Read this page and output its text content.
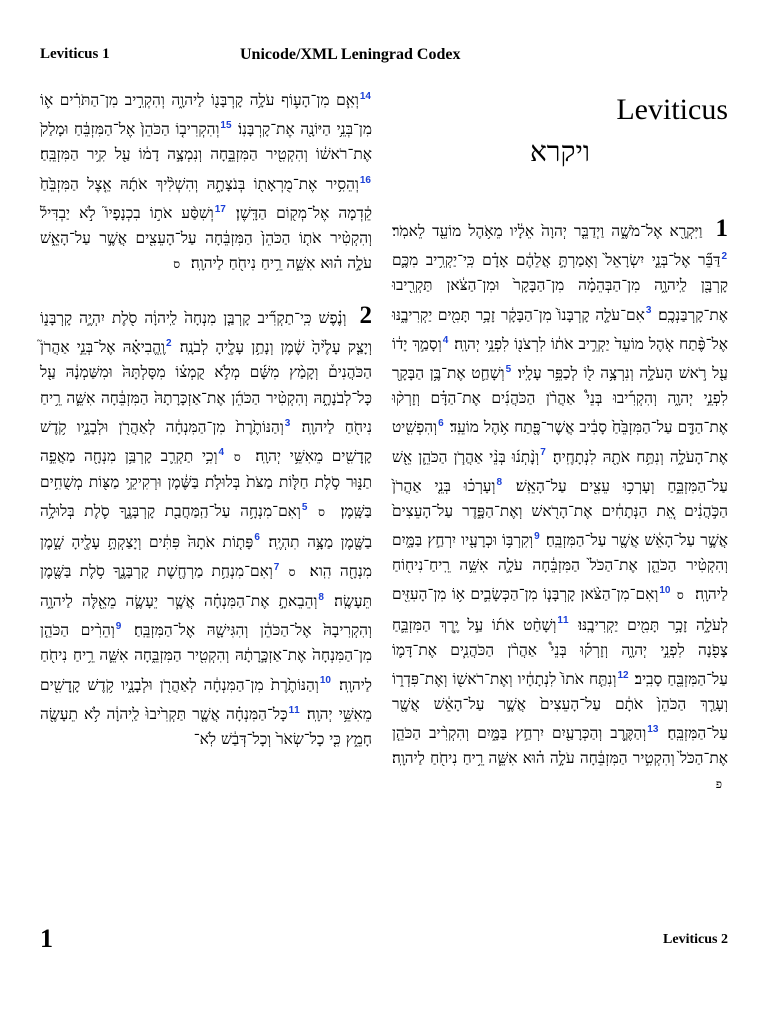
Leviticus 1	Unicode/XML Leningrad Codex

$^{14}$וְאִ֧ם מִן־הָע֛וֹף עֹלָ֥ה קָרְבָּנ֖וֹ לַיהוָ֑ה וְהִקְרִ֣יב מִן־הַתֹּרִ֗ים א֛וֹ מִן־בְּנֵ֥י הַיּוֹנָ֖ה אֶת־קָרְבָּנֽוֹ׃ $^{15}$וְהִקְרִיב֤וֹ הַכֹּהֵן֙ אֶל־הַמִּזְבֵּ֔חַ וּמָלַק֙ אֶת־רֹאשׁ֔וֹ וְהִקְטִ֖יר הַמִּזְבֵּ֑חָה וְנִמְצָ֣ה דָמ֔וֹ עַ֖ל קִ֥יר הַמִּזְבֵּֽחַ׃ $^{16}$וְהֵסִ֥יר אֶת־מֻרְאָת֖וֹ בְּנֹצָתָ֑הּ וְהִשְׁלִ֨יךְ אֹתָ֜הּ אֵ֤צֶל הַמִּזְבֵּ֙חַ֙ קֵ֔דְמָה אֶל־מְק֖וֹם הַדָּֽשֶׁן׃ $^{17}$וְשִׁסַּ֨ע אֹת֣וֹ בִכְנָפָיו֮ לֹ֣א יַבְדִּיל֒ וְהִקְטִ֨יר אֹת֤וֹ הַכֹּהֵן֙ הַמִּזְבֵּ֔חָה עַל־הָעֵצִ֖ים אֲשֶׁ֣ר עַל־הָאֵ֑שׁ עֹלָ֣ה ה֗וּא אִשֵּׁ֛ה רֵ֥יחַ נִיחֹ֖חַ לַיהוָֽה׃ ס

2 וְנֶ֗פֶשׁ כִּֽי־תַקְרִ֞יב קָרְבַּ֤ן מִנְחָה֙ לַֽיהוָ֔ה סֹ֖לֶת יִהְיֶ֣ה קָרְבָּנ֑וֹ וְיָצַ֤ק עָלֶ֙יהָ֙ שֶׁ֔מֶן וְנָתַ֥ן עָלֶ֖יהָ לְבֹנָֽה׃ $^2$וֶֽהֱבִיאָ֗הּ אֶל־בְּנֵ֣י אַהֲרֹן֮ הַכֹּהֲנִים֒ וְקָמַ֨ץ מִשָּׁ֜ם מְלֹ֣א קֻמְצ֗וֹ מִסָּלְתָּהּ֙ וּמִשַּׁמְנָ֔הּ עַ֖ל כָּל־לְבֹנָתָ֑הּ וְהִקְטִ֨יר הַכֹּהֵ֜ן אֶת־אַזְכָּרָתָהּ֙ הַמִּזְבֵּ֔חָה אִשֵּׁ֛ה רֵ֥יחַ נִיחֹ֖חַ לַיהוָֽה׃ $^3$וְהַנּוֹתֶ֙רֶת֙ מִן־הַמִּנְחָ֔ה לְאַהֲרֹ֖ן וּלְבָנָ֑יו קֹ֥דֶשׁ קָֽדָשִׁ֖ים מֵאִשֵּׁ֥י יְהוָֽה׃ ס $^4$וְכִ֥י תַקְרִ֛ב קָרְבַּ֥ן מִנְחָ֖ה מַאֲפֵ֣ה תַנּ֑וּר סֹ֣לֶת חַלּ֤וֹת מַצֹּת֙ בְּלוּלֹ֣ת בַּשֶּׁ֔מֶן וּרְקִיקֵ֥י מַצּ֖וֹת מְשֻׁחִ֥ים בַּשָּֽׁמֶן׃ ס $^5$וְאִם־מִנְחָ֥ה עַל־הַֽמַּחֲבַ֖ת קָרְבָּנֶ֑ךָ סֹ֛לֶת בְּלוּלָ֥ה בַשֶּׁ֖מֶן מַצָּ֥ה תִהְיֶֽה׃ $^6$פָּת֤וֹת אֹתָהּ֙ פִּתִּ֔ים וְיָצַקְתָּ֥ עָלֶ֖יהָ שָׁ֑מֶן מִנְחָ֖ה הִֽוא׃ ס $^7$וְאִם־מִנְחַ֥ת מַרְחֶ֖שֶׁת קָרְבָּנֶ֑ךָ סֹ֥לֶת בַּשֶּׁ֖מֶן תֵּעָשֶֽׂה׃ $^8$וְהֵבֵאתָ֣ אֶת־הַמִּנְחָ֗ה אֲשֶׁ֧ר יֵעָשֶׂ֛ה מֵאֵ֖לֶּה לַיהוָ֑ה וְהִקְרִיבָהּ֙ אֶל־הַכֹּהֵ֔ן וְהִגִּישָׁ֖הּ אֶל־הַמִּזְבֵּֽחַ׃ $^9$וְהֵרִ֨ים הַכֹּהֵ֤ן מִן־הַמִּנְחָה֙ אֶת־אַזְכָּ֣רָתָ֔הּ וְהִקְטִ֖יר הַמִּזְבֵּ֑חָה אִשֵּׁ֛ה רֵ֥יחַ נִיחֹ֖חַ לַיהוָֽה׃ $^{10}$וְהַנּוֹתֶ֙רֶת֙ מִן־הַמִּנְחָ֔ה לְאַהֲרֹ֖ן וּלְבָנָ֑יו קֹ֥דֶשׁ קָֽדָשִׁ֖ים מֵאִשֵּׁ֥י יְהוָֽה׃ $^{11}$כָּל־הַמִּנְחָ֗ה אֲשֶׁ֤ר תַּקְרִ֙יבוּ֙ לַֽיהוָ֔ה לֹ֥א תֵעָשֶׂ֖ה חָמֵ֑ץ כִּ֤י כָל־שְׂאֹר֙ וְכָל־דְּבַ֔שׁ לֹֽא־

Leviticus
ויקרא

1 וַיִּקְרָ֖א אֶל־מֹשֶׁ֑ה וַיְדַבֵּ֤ר יְהוָה֙ אֵלָ֔יו מֵאֹ֥הֶל מוֹעֵ֖ד לֵאמֹֽר׃ $^2$דַּבֵּ֞ר אֶל־בְּנֵ֤י יִשְׂרָאֵל֙ וְאָמַרְתָּ֣ אֲלֵהֶ֔ם אָדָ֗ם כִּֽי־יַקְרִ֥יב מִכֶּ֛ם קָרְבָּ֖ן לַֽיהוָ֑ה מִן־הַבְּהֵמָ֗ה מִן־הַבָּקָר֙ וּמִן־הַצֹּ֔אן תַּקְרִ֖יבוּ אֶת־קָרְבַּנְכֶֽם׃ $^3$אִם־עֹלָ֤ה קָרְבָּנוֹ֙ מִן־הַבָּקָ֔ר זָכָ֥ר תָּמִ֖ים יַקְרִיבֶ֑נּוּ אֶל־פֶּ֨תַח אֹ֤הֶל מוֹעֵד֙ יַקְרִ֣יב אֹת֔וֹ לִרְצֹנ֖וֹ לִפְנֵ֥י יְהוָֽה׃ $^4$וְסָמַ֣ךְ יָד֔וֹ עַ֖ל רֹ֣אשׁ הָעֹלָ֑ה וְנִרְצָ֥ה ל֖וֹ לְכַפֵּ֥ר עָלָֽיו׃ $^5$וְשָׁחַ֛ט אֶת־בֶּ֥ן הַבָּקָ֖ר לִפְנֵ֣י יְהוָ֑ה וְהִקְרִ֡יבוּ בְּנֵי֩ אַהֲרֹ֨ן הַכֹּהֲנִ֜ים אֶת־הַדָּ֗ם וְזָרְק֨וּ אֶת־הַדָּ֤ם עַל־הַמִּזְבֵּ֙חַ֙ סָבִ֔יב אֲשֶׁר־פֶּ֖תַח אֹ֥הֶל מוֹעֵֽד׃ $^6$וְהִפְשִׁ֖יט אֶת־הָעֹלָ֑ה וְנִתַּ֥ח אֹתָ֖הּ לִנְתָחֶֽיהָ׃ $^7$וְנָ֨תְנ֜וּ בְּנֵ֨י אַהֲרֹ֧ן הַכֹּהֵ֛ן אֵ֖שׁ עַל־הַמִּזְבֵּ֑חַ וְעָרְכ֥וּ עֵצִ֖ים עַל־הָאֵֽשׁ׃ $^8$וְעָרְכ֗וּ בְּנֵ֤י אַהֲרֹן֙ הַכֹּ֣הֲנִ֔ים אֵ֚ת הַנְּתָחִ֔ים אֶת־הָרֹ֖אשׁ וְאֶת־הַפָּ֑דֶר עַל־הָעֵצִים֙ אֲשֶׁ֣ר עַל־הָאֵ֔שׁ אֲשֶׁ֖ר עַל־הַמִּזְבֵּֽחַ׃ $^9$וְקִרְבּ֥וֹ וּכְרָעָ֖יו יִרְחַ֣ץ בַּמָּ֑יִם וְהִקְטִ֨יר הַכֹּהֵ֤ן אֶת־הַכֹּל֙ הַמִּזְבֵּ֔חָה עֹלָ֛ה אִשֵּׁ֥ה רֵֽיחַ־נִיח֖וֹחַ לַיהוָֽה׃ ס $^{10}$וְאִם־מִן־הַצֹּ֨אן קָרְבָּנ֧וֹ מִן־הַכְּשָׂבִ֛ים א֥וֹ מִן־הָעִזִּ֖ים לְעֹלָ֑ה זָכָ֥ר תָּמִ֖ים יַקְרִיבֶֽנּוּ׃ $^{11}$וְשָׁחַ֨ט אֹת֜וֹ עַ֣ל יֶ֧רֶךְ הַמִּזְבֵּ֛חַ צָפֹ֖נָה לִפְנֵ֣י יְהוָ֑ה וְזָרְק֡וּ בְּנֵי֩ אַהֲרֹ֨ן הַכֹּהֲנִ֧ים אֶת־דָּמ֛וֹ עַל־הַמִּזְבֵּ֖חַ סָבִֽיב׃ $^{12}$וְנִתַּ֤ח אֹתוֹ֙ לִנְתָחָ֔יו וְאֶת־רֹאשׁ֖וֹ וְאֶת־פִּדְר֑וֹ וְעָרַ֤ךְ הַכֹּהֵן֙ אֹתָ֔ם עַל־הָעֵצִים֙ אֲשֶׁ֣ר עַל־הָאֵ֔שׁ אֲשֶׁ֖ר עַל־הַמִּזְבֵּֽחַ׃ $^{13}$וְהַקֶּ֥רֶב וְהַכְּרָעַ֖יִם יִרְחַ֣ץ בַּמָּ֑יִם וְהִקְרִ֨יב הַכֹּהֵ֤ן אֶת־הַכֹּל֙ וְהִקְטִ֣יר הַמִּזְבֵּ֔חָה עֹלָ֣ה ה֗וּא אִשֵּׁ֛ה רֵ֥יחַ נִיחֹ֖חַ לַיהוָֽה׃ פ

1	Leviticus 2
